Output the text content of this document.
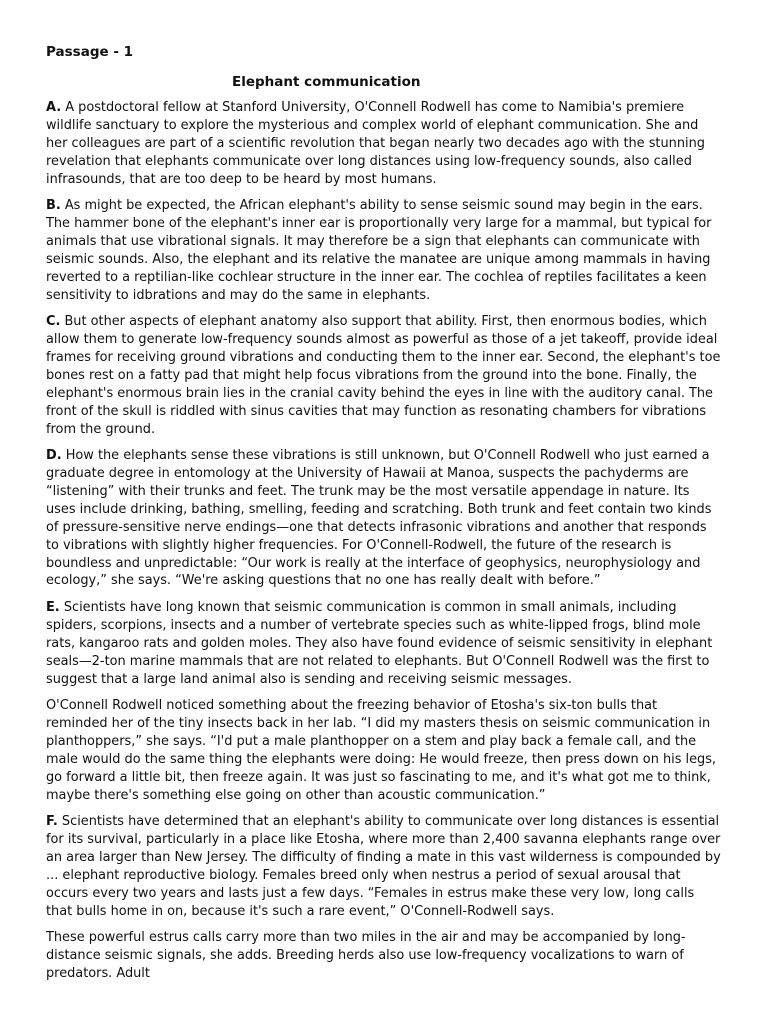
Passage - 1
Elephant communication

A. A postdoctoral fellow at Stanford University, O'Connell Rodwell has come to Namibia's premiere wildlife sanctuary to explore the mysterious and complex world of elephant communication. She and her colleagues are part of a scientific revolution that began nearly two decades ago with the stunning revelation that elephants communicate over long distances using low-frequency sounds, also called infrasounds, that are too deep to be heard by most humans.

B. As might be expected, the African elephant's ability to sense seismic sound may begin in the ears. The hammer bone of the elephant's inner ear is proportionally very large for a mammal, but typical for animals that use vibrational signals. It may therefore be a sign that elephants can communicate with seismic sounds. Also, the elephant and its relative the manatee are unique among mammals in having reverted to a reptilian-like cochlear structure in the inner ear. The cochlea of reptiles facilitates a keen sensitivity to idbrations and may do the same in elephants.

C. But other aspects of elephant anatomy also support that ability. First, then enormous bodies, which allow them to generate low-frequency sounds almost as powerful as those of a jet takeoff, provide ideal frames for receiving ground vibrations and conducting them to the inner ear. Second, the elephant's toe bones rest on a fatty pad that might help focus vibrations from the ground into the bone. Finally, the elephant's enormous brain lies in the cranial cavity behind the eyes in line with the auditory canal. The front of the skull is riddled with sinus cavities that may function as resonating chambers for vibrations from the ground.

D. How the elephants sense these vibrations is still unknown, but O'Connell Rodwell who just earned a graduate degree in entomology at the University of Hawaii at Manoa, suspects the pachyderms are “listening” with their trunks and feet. The trunk may be the most versatile appendage in nature. Its uses include drinking, bathing, smelling, feeding and scratching. Both trunk and feet contain two kinds of pressure-sensitive nerve endings—one that detects infrasonic vibrations and another that responds to vibrations with slightly higher frequencies. For O'Connell-Rodwell, the future of the research is boundless and unpredictable: “Our work is really at the interface of geophysics, neurophysiology and ecology,” she says. “We're asking questions that no one has really dealt with before.”

E. Scientists have long known that seismic communication is common in small animals, including spiders, scorpions, insects and a number of vertebrate species such as white-lipped frogs, blind mole rats, kangaroo rats and golden moles. They also have found evidence of seismic sensitivity in elephant seals—2-ton marine mammals that are not related to elephants. But O'Connell Rodwell was the first to suggest that a large land animal also is sending and receiving seismic messages.

O'Connell Rodwell noticed something about the freezing behavior of Etosha's six-ton bulls that reminded her of the tiny insects back in her lab. “I did my masters thesis on seismic communication in planthoppers,” she says. “I'd put a male planthopper on a stem and play back a female call, and the male would do the same thing the elephants were doing: He would freeze, then press down on his legs, go forward a little bit, then freeze again. It was just so fascinating to me, and it's what got me to think, maybe there's something else going on other than acoustic communication.”

F. Scientists have determined that an elephant's ability to communicate over long distances is essential for its survival, particularly in a place like Etosha, where more than 2,400 savanna elephants range over an area larger than New Jersey. The difficulty of finding a mate in this vast wilderness is compounded by ... elephant reproductive biology. Females breed only when nestrus a period of sexual arousal that occurs every two years and lasts just a few days. “Females in estrus make these very low, long calls that bulls home in on, because it's such a rare event,” O'Connell-Rodwell says.

These powerful estrus calls carry more than two miles in the air and may be accompanied by long-distance seismic signals, she adds. Breeding herds also use low-frequency vocalizations to warn of predators. Adult
